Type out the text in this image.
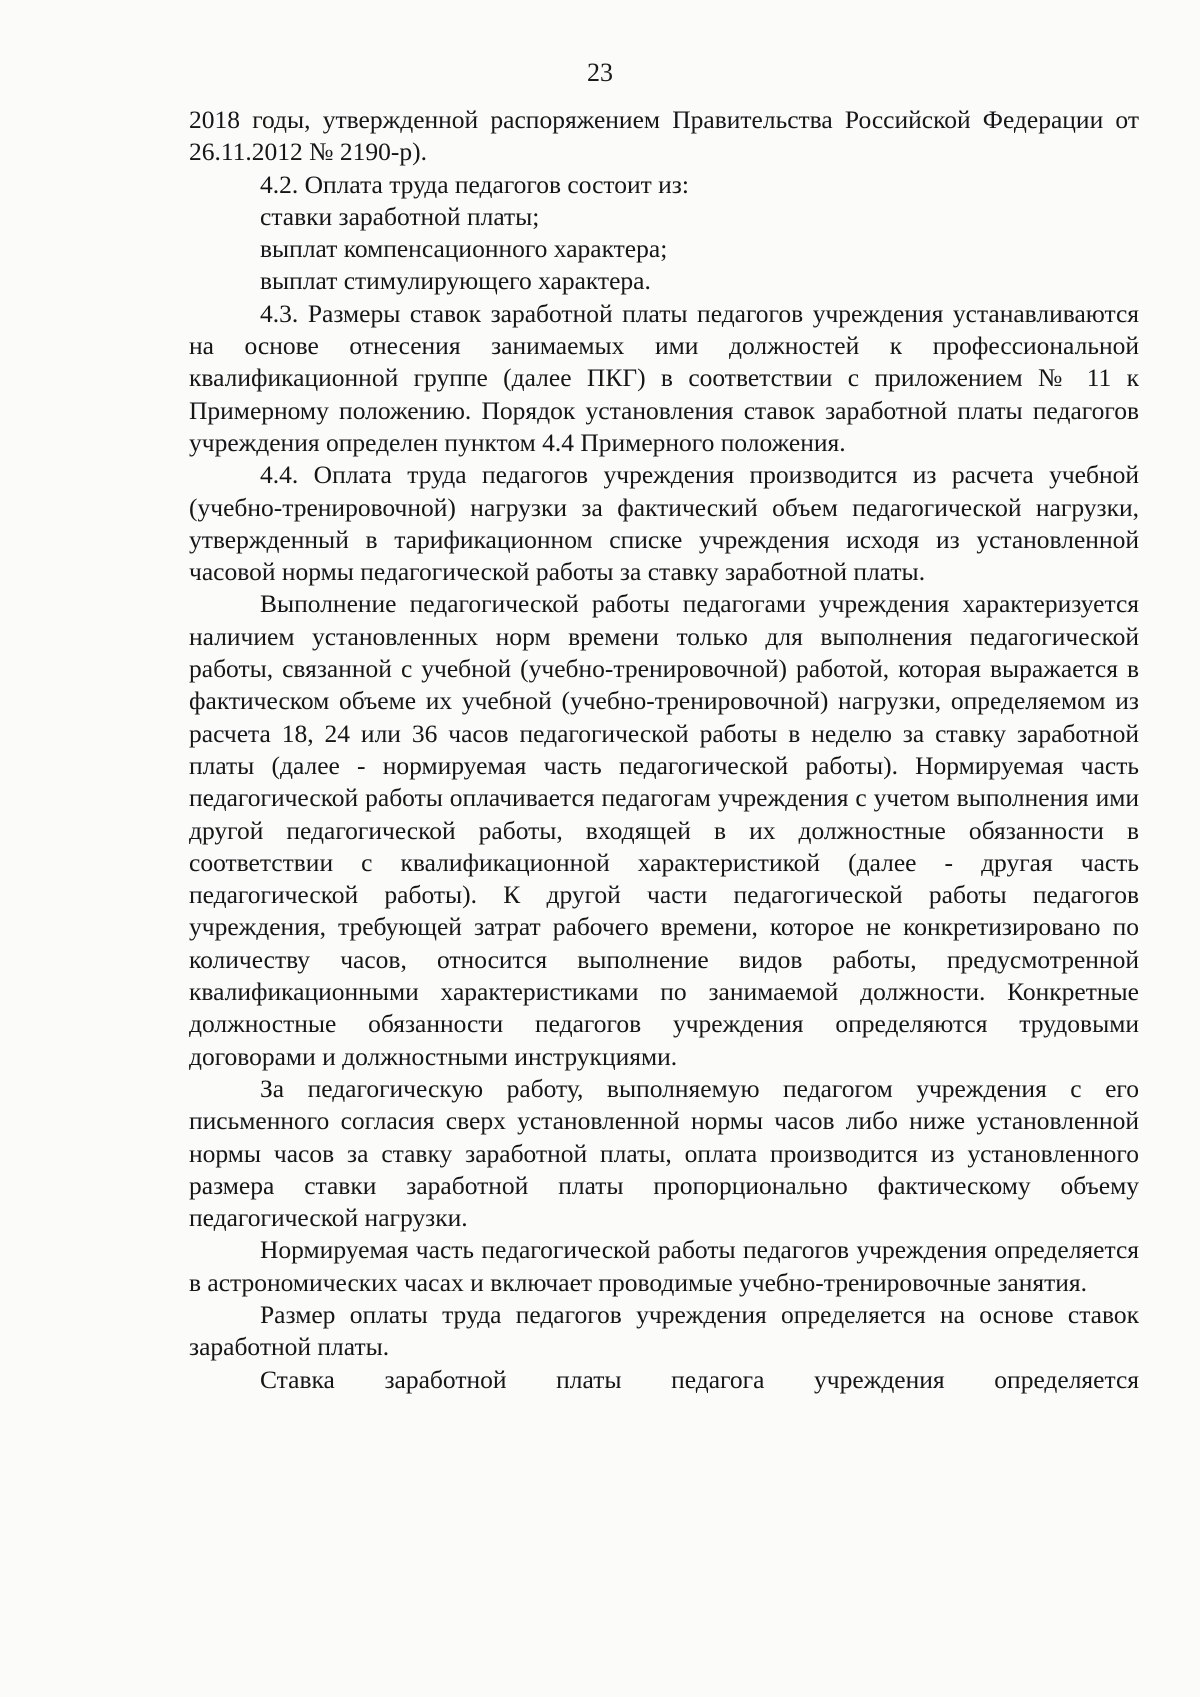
23

2018 годы, утвержденной распоряжением Правительства Российской Федерации от 26.11.2012 № 2190-р).

4.2. Оплата труда педагогов состоит из:

ставки заработной платы;

выплат компенсационного характера;

выплат стимулирующего характера.

4.3. Размеры ставок заработной платы педагогов учреждения устанавливаются на основе отнесения занимаемых ими должностей к профессиональной квалификационной группе (далее ПКГ) в соответствии с приложением № 11 к Примерному положению. Порядок установления ставок заработной платы педагогов учреждения определен пунктом 4.4 Примерного положения.

4.4. Оплата труда педагогов учреждения производится из расчета учебной (учебно-тренировочной) нагрузки за фактический объем педагогической нагрузки, утвержденный в тарификационном списке учреждения исходя из установленной часовой нормы педагогической работы за ставку заработной платы.

Выполнение педагогической работы педагогами учреждения характеризуется наличием установленных норм времени только для выполнения педагогической работы, связанной с учебной (учебно-тренировочной) работой, которая выражается в фактическом объеме их учебной (учебно-тренировочной) нагрузки, определяемом из расчета 18, 24 или 36 часов педагогической работы в неделю за ставку заработной платы (далее - нормируемая часть педагогической работы). Нормируемая часть педагогической работы оплачивается педагогам учреждения с учетом выполнения ими другой педагогической работы, входящей в их должностные обязанности в соответствии с квалификационной характеристикой (далее - другая часть педагогической работы). К другой части педагогической работы педагогов учреждения, требующей затрат рабочего времени, которое не конкретизировано по количеству часов, относится выполнение видов работы, предусмотренной квалификационными характеристиками по занимаемой должности. Конкретные должностные обязанности педагогов учреждения определяются трудовыми договорами и должностными инструкциями.

За педагогическую работу, выполняемую педагогом учреждения с его письменного согласия сверх установленной нормы часов либо ниже установленной нормы часов за ставку заработной платы, оплата производится из установленного размера ставки заработной платы пропорционально фактическому объему педагогической нагрузки.

Нормируемая часть педагогической работы педагогов учреждения определяется в астрономических часах и включает проводимые учебно-тренировочные занятия.

Размер оплаты труда педагогов учреждения определяется на основе ставок заработной платы.

Ставка заработной платы педагога учреждения определяется
